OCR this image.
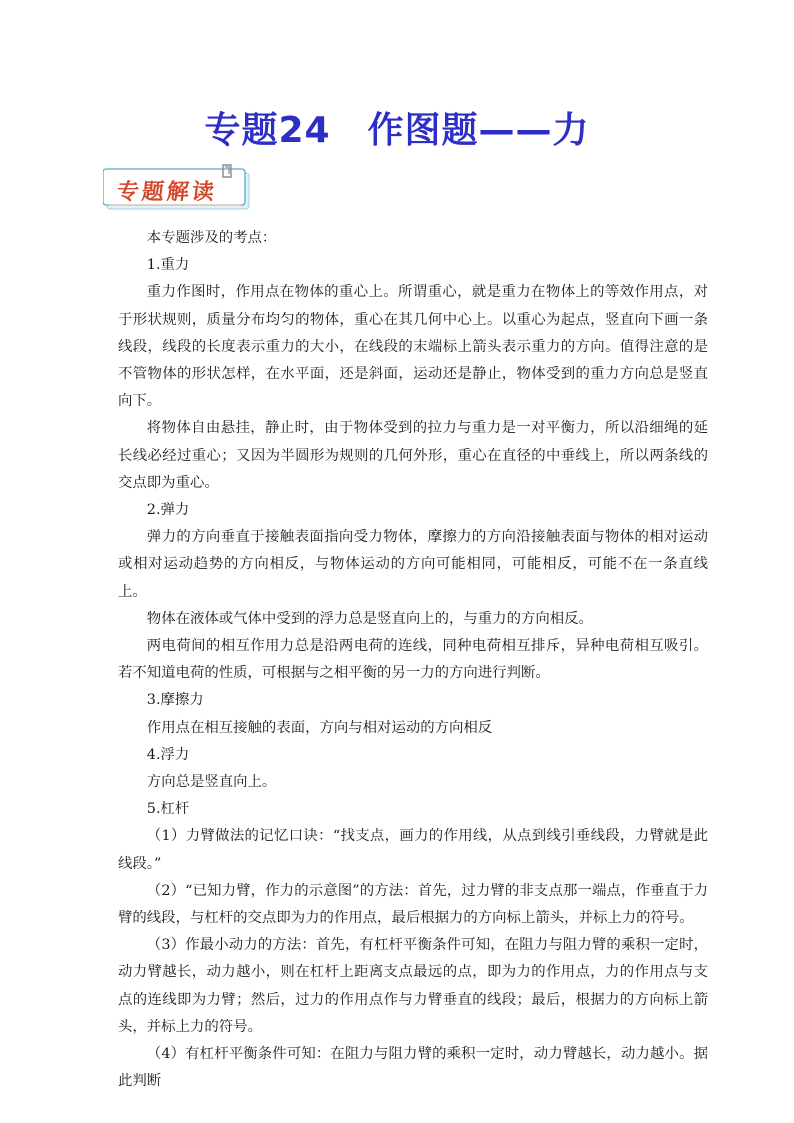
专题24　作图题——力
专题解读

本专题涉及的考点：

1.重力

重力作图时，作用点在物体的重心上。所谓重心，就是重力在物体上的等效作用点，对于形状规则，质量分布均匀的物体，重心在其几何中心上。以重心为起点，竖直向下画一条线段，线段的长度表示重力的大小，在线段的末端标上箭头表示重力的方向。值得注意的是不管物体的形状怎样，在水平面，还是斜面，运动还是静止，物体受到的重力方向总是竖直向下。

将物体自由悬挂，静止时，由于物体受到的拉力与重力是一对平衡力，所以沿细绳的延长线必经过重心；又因为半圆形为规则的几何外形，重心在直径的中垂线上，所以两条线的交点即为重心。

2.弹力

弹力的方向垂直于接触表面指向受力物体，摩擦力的方向沿接触表面与物体的相对运动或相对运动趋势的方向相反，与物体运动的方向可能相同，可能相反，可能不在一条直线上。

物体在液体或气体中受到的浮力总是竖直向上的，与重力的方向相反。

两电荷间的相互作用力总是沿两电荷的连线，同种电荷相互排斥，异种电荷相互吸引。若不知道电荷的性质，可根据与之相平衡的另一力的方向进行判断。

3.摩擦力

作用点在相互接触的表面，方向与相对运动的方向相反

4.浮力

方向总是竖直向上。

5.杠杆

（1）力臂做法的记忆口诀：“找支点，画力的作用线，从点到线引垂线段，力臂就是此线段。”

（2）“已知力臂，作力的示意图”的方法：首先，过力臂的非支点那一端点，作垂直于力臂的线段，与杠杆的交点即为力的作用点，最后根据力的方向标上箭头，并标上力的符号。

（3）作最小动力的方法：首先，有杠杆平衡条件可知，在阻力与阻力臂的乘积一定时，动力臂越长，动力越小，则在杠杆上距离支点最远的点，即为力的作用点，力的作用点与支点的连线即为力臂；然后，过力的作用点作与力臂垂直的线段；最后，根据力的方向标上箭头，并标上力的符号。

（4）有杠杆平衡条件可知：在阻力与阻力臂的乘积一定时，动力臂越长，动力越小。据此判断
